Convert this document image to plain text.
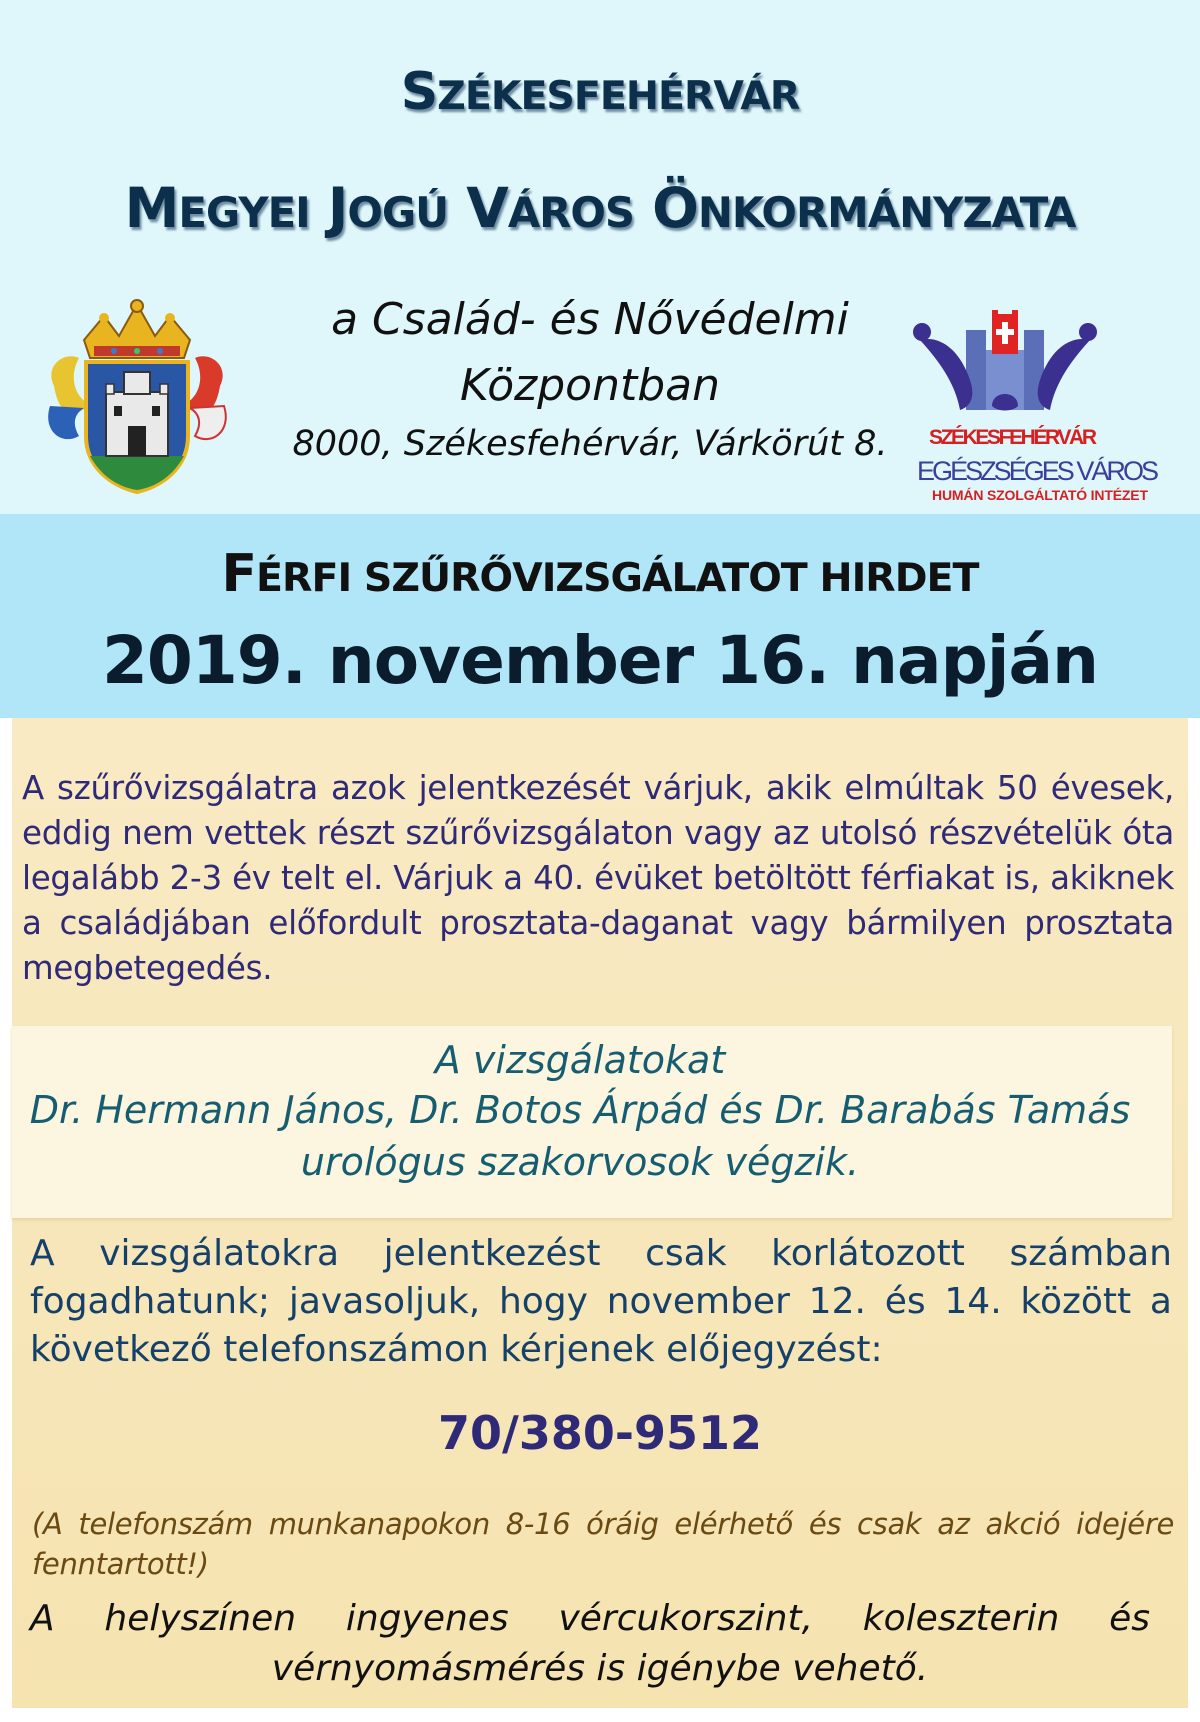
SZÉKESFEHÉRVÁR
MEGYEI JOGÚ VÁROS ÖNKORMÁNYZATA
a Család- és Nővédelmi
Központban
8000, Székesfehérvár, Várkörút 8.	SZÉKESFEHÉRVÁR
EGÉSZSÉGES VÁROS
HUMÁN SZOLGÁLTATÓ INTÉZET
FÉRFI SZŰRŐVIZSGÁLATOT HIRDET
2019. november 16. napján
A szűrővizsgálatra azok jelentkezését várjuk, akik elmúltak 50 évesek, eddig nem vettek részt szűrővizsgálaton vagy az utolsó részvételük óta legalább 2-3 év telt el. Várjuk a 40. évüket betöltött férfiakat is, akiknek a családjában előfordult prosztata-daganat vagy bármilyen prosztata megbetegedés.
A vizsgálatokat
Dr. Hermann János, Dr. Botos Árpád és Dr. Barabás Tamás
urológus szakorvosok végzik.
A vizsgálatokra jelentkezést csak korlátozott számban fogadhatunk; javasoljuk, hogy november 12. és 14. között a következő telefonszámon kérjenek előjegyzést:
70/380-9512
(A telefonszám munkanapokon 8-16 óráig elérhető és csak az akció idejére fenntartott!)
A helyszínen ingyenes vércukorszint, koleszterin és
vérnyomásmérés is igénybe vehető.
